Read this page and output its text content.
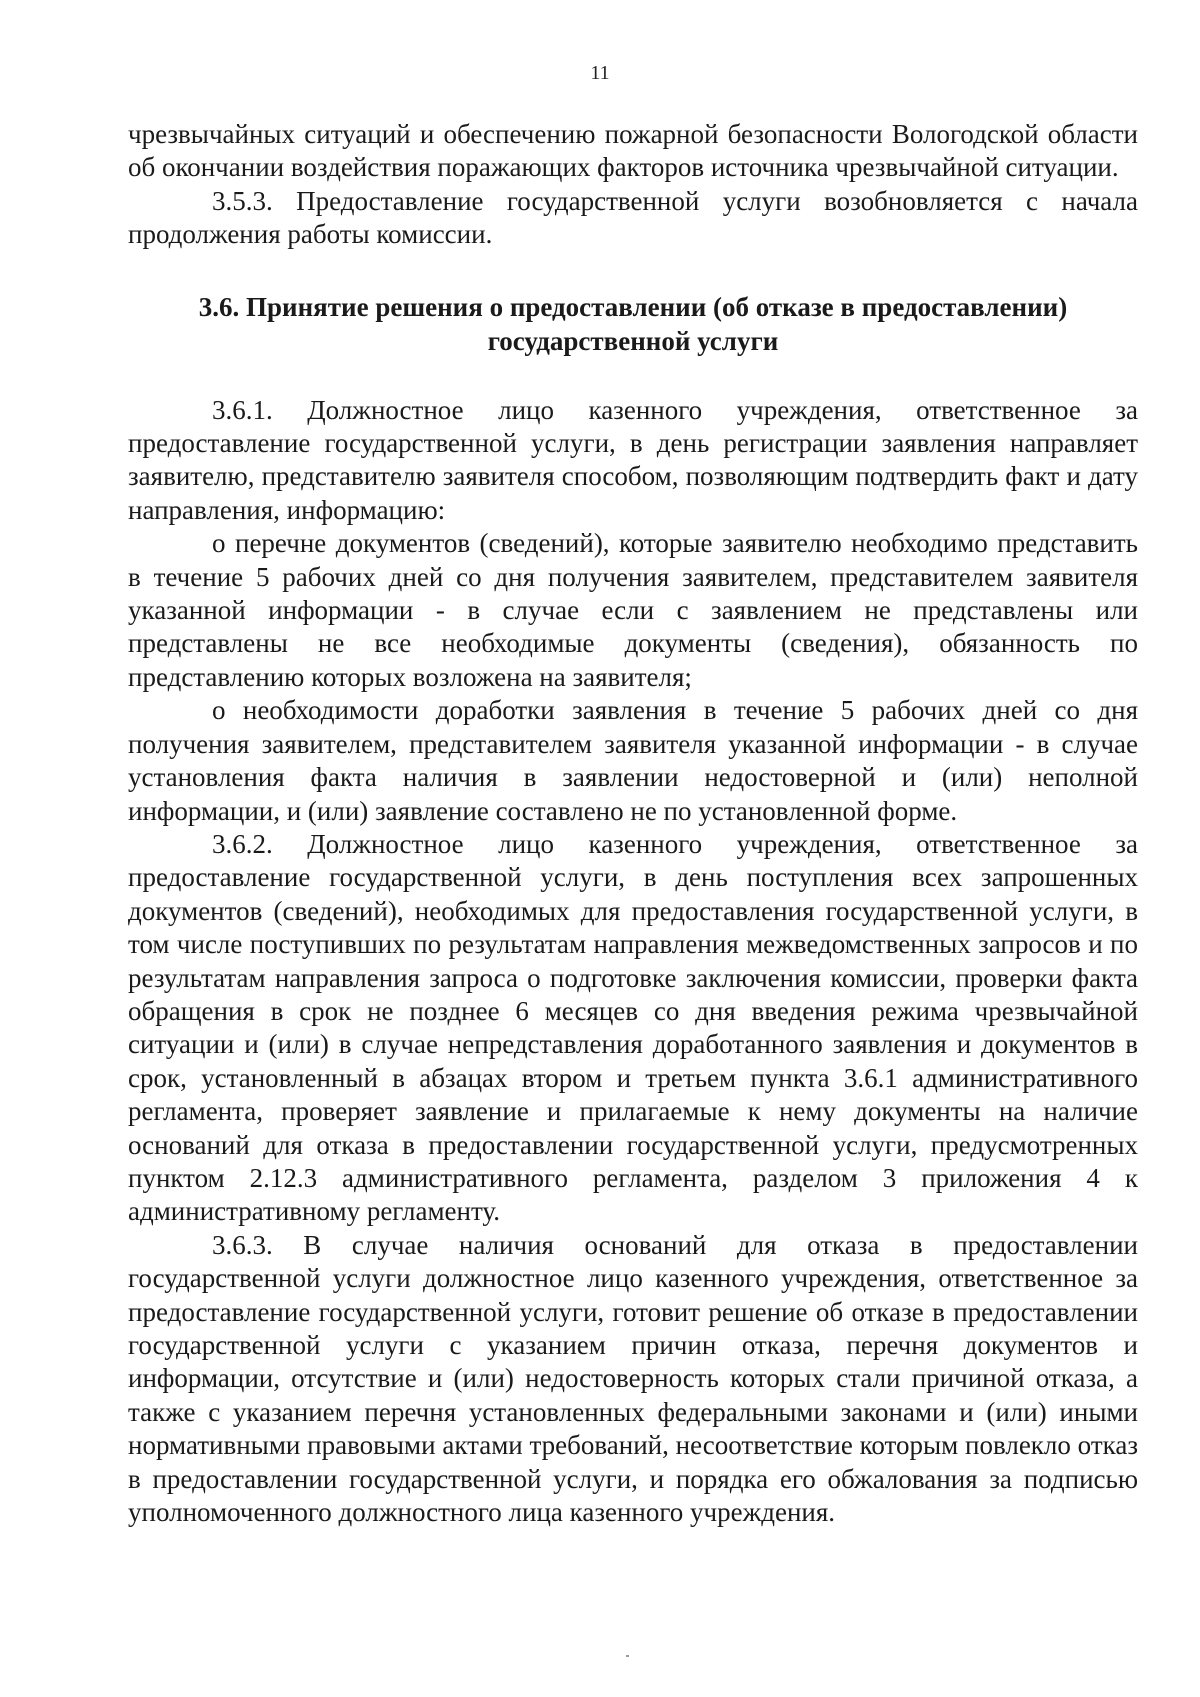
11

чрезвычайных ситуаций и обеспечению пожарной безопасности Вологодской области об окончании воздействия поражающих факторов источника чрезвычайной ситуации.

3.5.3. Предоставление государственной услуги возобновляется с начала продолжения работы комиссии.

3.6. Принятие решения о предоставлении (об отказе в предоставлении)
государственной услуги

3.6.1. Должностное лицо казенного учреждения, ответственное за предоставление государственной услуги, в день регистрации заявления направляет заявителю, представителю заявителя способом, позволяющим подтвердить факт и дату направления, информацию:

о перечне документов (сведений), которые заявителю необходимо представить в течение 5 рабочих дней со дня получения заявителем, представителем заявителя указанной информации - в случае если с заявлением не представлены или представлены не все необходимые документы (сведения), обязанность по представлению которых возложена на заявителя;

о необходимости доработки заявления в течение 5 рабочих дней со дня получения заявителем, представителем заявителя указанной информации - в случае установления факта наличия в заявлении недостоверной и (или) неполной информации, и (или) заявление составлено не по установленной форме.

3.6.2. Должностное лицо казенного учреждения, ответственное за предоставление государственной услуги, в день поступления всех запрошенных документов (сведений), необходимых для предоставления государственной услуги, в том числе поступивших по результатам направления межведомственных запросов и по результатам направления запроса о подготовке заключения комиссии, проверки факта обращения в срок не позднее 6 месяцев со дня введения режима чрезвычайной ситуации и (или) в случае непредставления доработанного заявления и документов в срок, установленный в абзацах втором и третьем пункта 3.6.1 административного регламента, проверяет заявление и прилагаемые к нему документы на наличие оснований для отказа в предоставлении государственной услуги, предусмотренных пунктом 2.12.3 административного регламента, разделом 3 приложения 4 к административному регламенту.

3.6.3. В случае наличия оснований для отказа в предоставлении государственной услуги должностное лицо казенного учреждения, ответственное за предоставление государственной услуги, готовит решение об отказе в предоставлении государственной услуги с указанием причин отказа, перечня документов и информации, отсутствие и (или) недостоверность которых стали причиной отказа, а также с указанием перечня установленных федеральными законами и (или) иными нормативными правовыми актами требований, несоответствие которым повлекло отказ в предоставлении государственной услуги, и порядка его обжалования за подписью уполномоченного должностного лица казенного учреждения.
